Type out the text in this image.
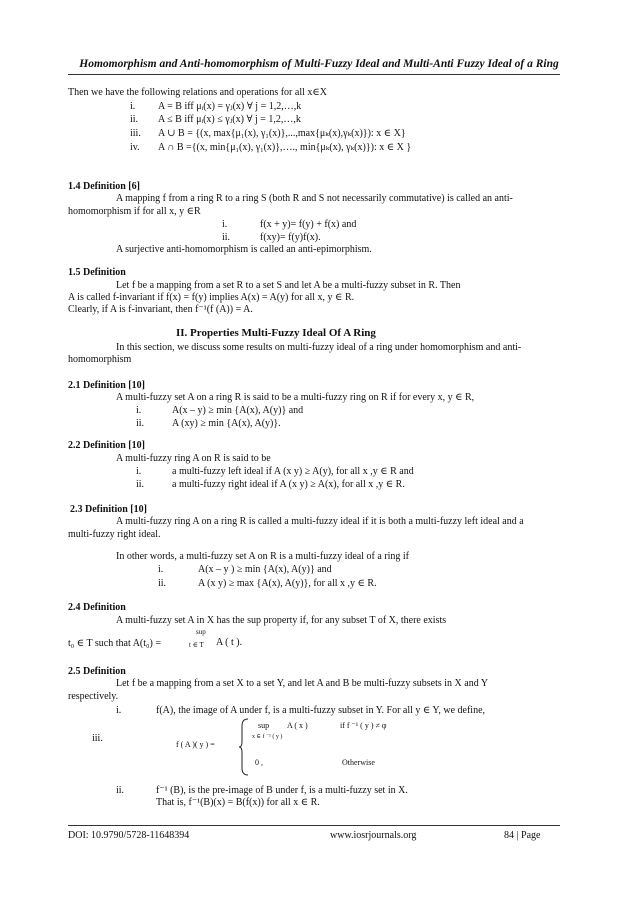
Homomorphism and Anti-homomorphism of Multi-Fuzzy Ideal and Multi-Anti Fuzzy Ideal of a Ring
Then we have the following relations and operations for all x∈X
i. A = B iff μᵢ(x) = γⱼ(x) ∀ j = 1,2,…,k
ii. A ≤ B iff μᵢ(x) ≤ γⱼ(x) ∀ j = 1,2,…,k
iii. A ∪ B = {(x, max{μ₁(x), γ₁(x)},...,max{μₖ(x),γₖ(x)}): x ∈ X}
iv. A ∩ B ={(x, min{μ₁(x), γ₁(x)},…., min{μₖ(x), γₖ(x)}): x ∈ X }
1.4 Definition [6]
A mapping f from a ring R to a ring S (both R and S not necessarily commutative) is called an anti-
homomorphism if for all x, y ∈R
i.	f(x + y)= f(y) + f(x) and
ii.	f(xy)= f(y)f(x).
A surjective anti-homomorphism is called an anti-epimorphism.
1.5 Definition
Let f be a mapping from a set R to a set S and let A be a multi-fuzzy subset in R. Then
A is called f-invariant if f(x) = f(y) implies A(x) = A(y) for all x, y ∈ R.
Clearly, if A is f-invariant, then f⁻¹(f (A)) = A.
II. Properties Multi-Fuzzy Ideal Of A Ring
In this section, we discuss some results on multi-fuzzy ideal of a ring under homomorphism and anti-
homomorphism
2.1 Definition [10]
A multi-fuzzy set A on a ring R is said to be a multi-fuzzy ring on R if for every x, y ∈ R,
i.	A(x – y) ≥ min {A(x), A(y)} and
ii.	A (xy) ≥ min {A(x), A(y)}.
2.2 Definition [10]
A multi-fuzzy ring A on R is said to be
i.	a multi-fuzzy left ideal if A (x y) ≥ A(y), for all x ,y ∈ R and
ii.	a multi-fuzzy right ideal if A (x y) ≥ A(x), for all x ,y ∈ R.
2.3 Definition [10]
A multi-fuzzy ring A on a ring R is called a multi-fuzzy ideal if it is both a multi-fuzzy left ideal and a
multi-fuzzy right ideal.
In other words, a multi-fuzzy set A on R is a multi-fuzzy ideal of a ring if
i.	A(x – y ) ≥ min {A(x), A(y)} and
ii.	A (x y) ≥ max {A(x), A(y)}, for all x ,y ∈ R.
2.4 Definition
A multi-fuzzy set A in X has the sup property if, for any subset T of X, there exists
t₀ ∈ T such that A(t₀) =
sup
t ∈ T A ( t ).
2.5 Definition
Let f be a mapping from a set X to a set Y, and let A and B be multi-fuzzy subsets in X and Y
respectively.
i.	f(A), the image of A under f, is a multi-fuzzy subset in Y. For all y ∈ Y, we define,
iii.
f ( A )( y ) =
sup A ( x )	if f ⁻¹ ( y ) ≠ φ
x ∈ f ⁻¹ ( y )
0 ,	Otherwise
ii.	f⁻¹ (B), is the pre-image of B under f, is a multi-fuzzy set in X.
That is, f⁻¹(B)(x) = B(f(x)) for all x ∈ R.
DOI: 10.9790/5728-11648394	www.iosrjournals.org	84 | Page
